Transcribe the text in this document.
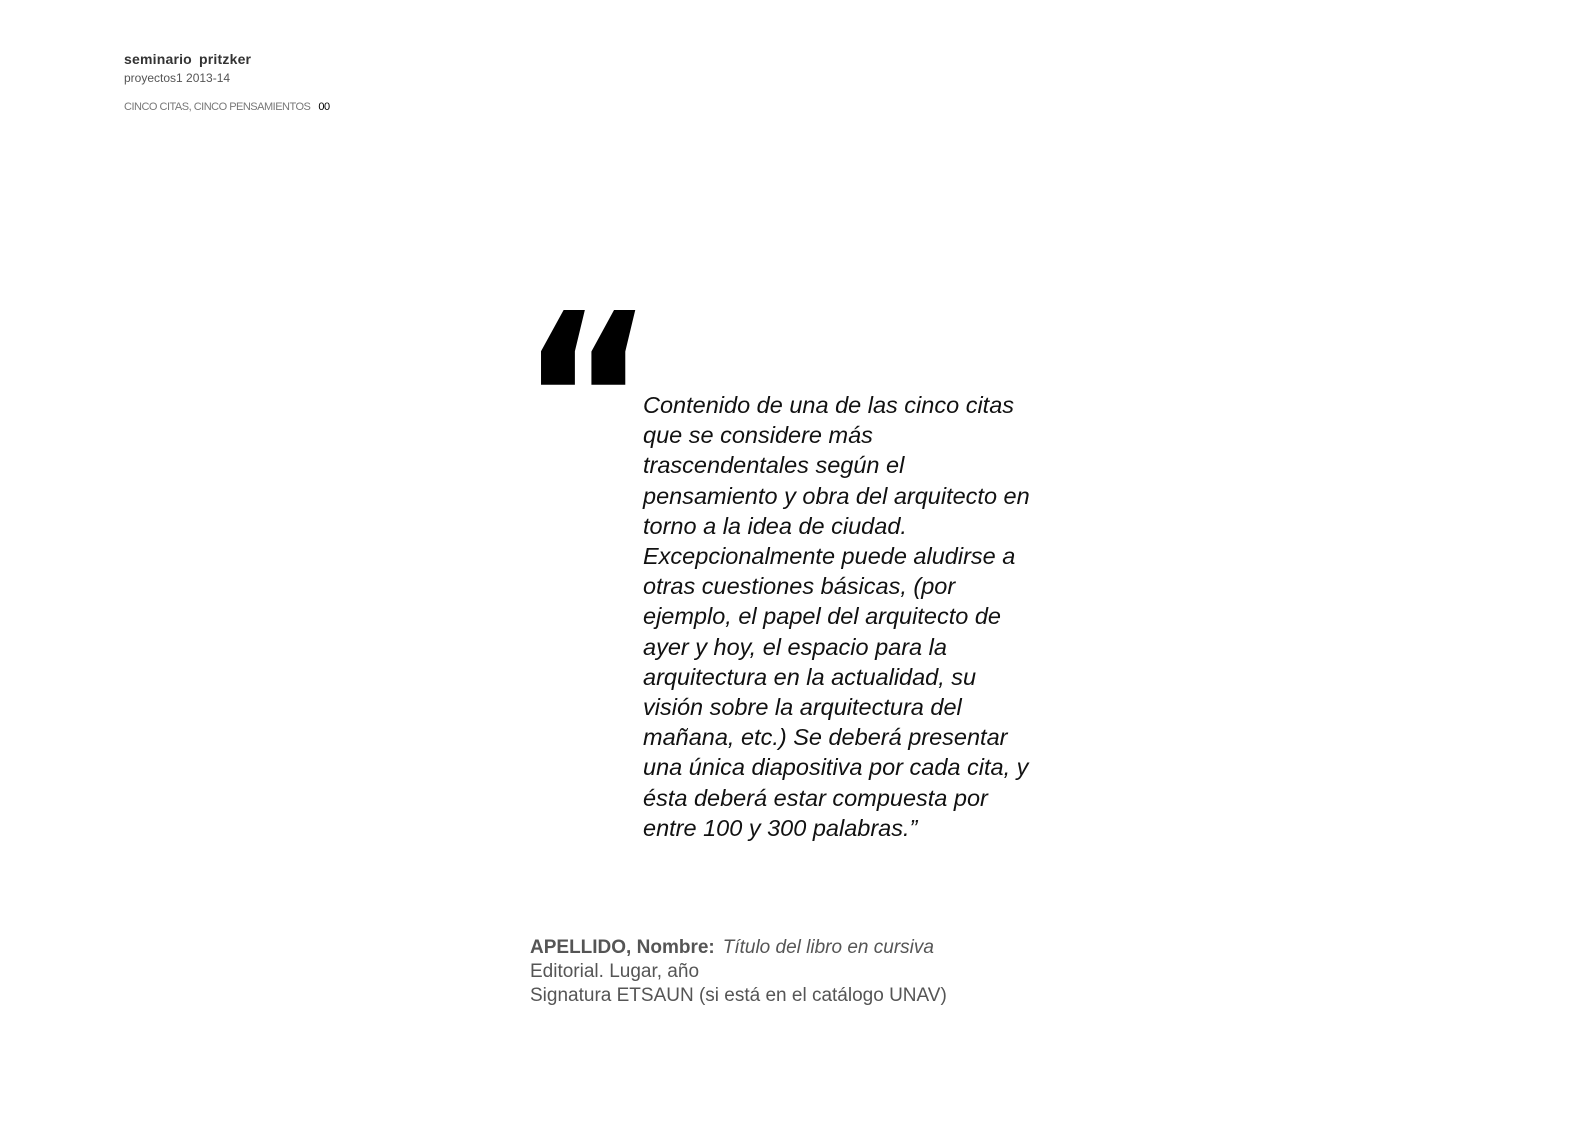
seminario pritzker
proyectos1 2013-14
CINCO CITAS, CINCO PENSAMIENTOS 00
“
Contenido de una de las cinco citas
que se considere más
trascendentales según el
pensamiento y obra del arquitecto en
torno a la idea de ciudad.
Excepcionalmente puede aludirse a
otras cuestiones básicas, (por
ejemplo, el papel del arquitecto de
ayer y hoy, el espacio para la
arquitectura en la actualidad, su
visión sobre la arquitectura del
mañana, etc.) Se deberá presentar
una única diapositiva por cada cita, y
ésta deberá estar compuesta por
entre 100 y 300 palabras.”
APELLIDO, Nombre: Título del libro en cursiva
Editorial. Lugar, año
Signatura ETSAUN (si está en el catálogo UNAV)
